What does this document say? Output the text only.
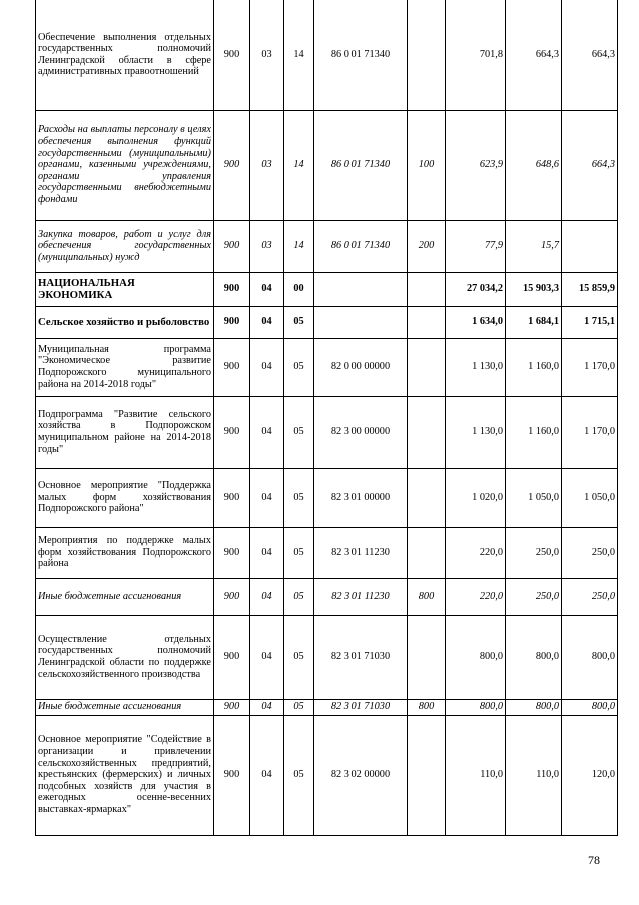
Обеспечение выполнения отдельных государственных полномочий Ленинградской области в сфере административных правоотношений	900	03	14	86 0 01 71340		701,8	664,3	664,3
Расходы на выплаты персоналу в целях обеспечения выполнения функций государственными (муниципальными) органами, казенными учреждениями, органами управления государственными внебюджетными фондами	900	03	14	86 0 01 71340	100	623,9	648,6	664,3
Закупка товаров, работ и услуг для обеспечения государственных (муниципальных) нужд	900	03	14	86 0 01 71340	200	77,9	15,7	
НАЦИОНАЛЬНАЯ ЭКОНОМИКА	900	04	00			27 034,2	15 903,3	15 859,9
Сельское хозяйство и рыболовство	900	04	05			1 634,0	1 684,1	1 715,1
Муниципальная программа "Экономическое развитие Подпорожского муниципального района на 2014-2018 годы"	900	04	05	82 0 00 00000		1 130,0	1 160,0	1 170,0
Подпрограмма "Развитие сельского хозяйства в Подпорожском муниципальном районе на 2014-2018 годы"	900	04	05	82 3 00 00000		1 130,0	1 160,0	1 170,0
Основное мероприятие "Поддержка малых форм хозяйствования Подпорожского района"	900	04	05	82 3 01 00000		1 020,0	1 050,0	1 050,0
Мероприятия по поддержке малых форм хозяйствования Подпорожского района	900	04	05	82 3 01 11230		220,0	250,0	250,0
Иные бюджетные ассигнования	900	04	05	82 3 01 11230	800	220,0	250,0	250,0
Осуществление отдельных государственных полномочий Ленинградской области по поддержке сельскохозяйственного производства	900	04	05	82 3 01 71030		800,0	800,0	800,0
Иные бюджетные ассигнования	900	04	05	82 3 01 71030	800	800,0	800,0	800,0
Основное мероприятие "Содействие в организации и привлечении сельскохозяйственных предприятий, крестьянских (фермерских) и личных подсобных хозяйств для участия в ежегодных осенне-весенних выставках-ярмарках"	900	04	05	82 3 02 00000		110,0	110,0	120,0
78
